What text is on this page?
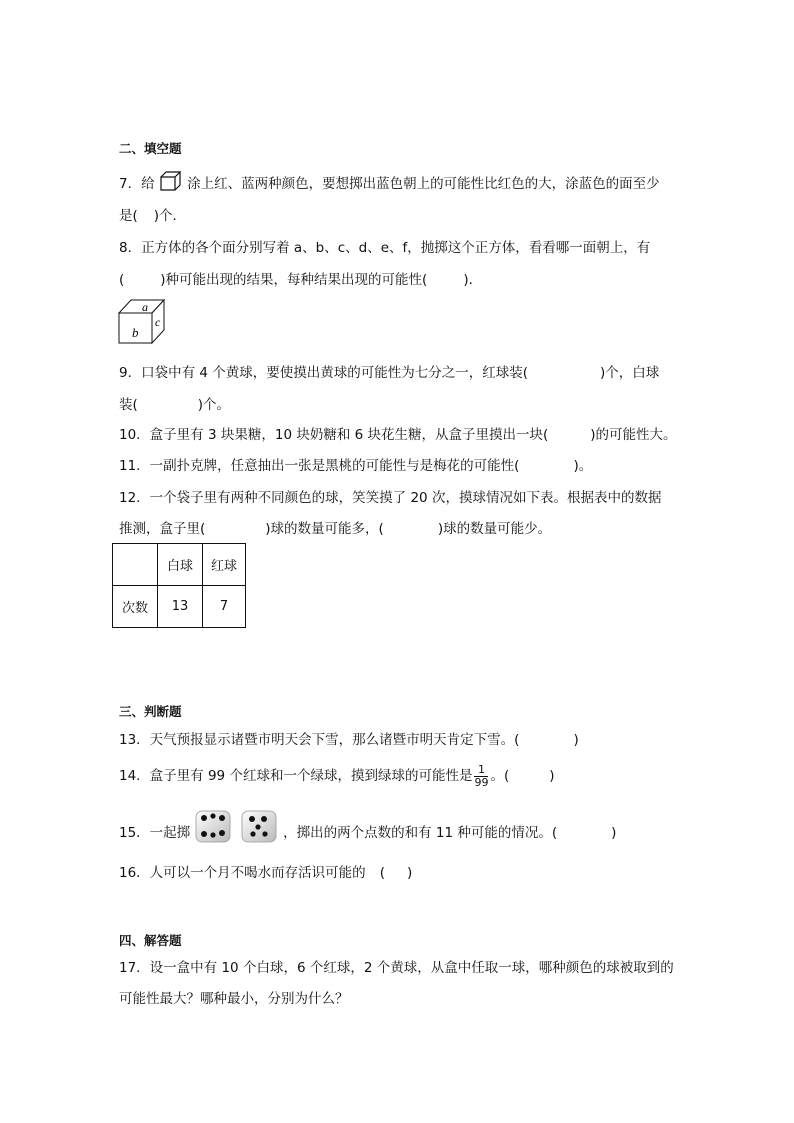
二、填空题
7．给 涂上红、蓝两种颜色，要想掷出蓝色朝上的可能性比红色的大，涂蓝色的面至少
是( )个．
8．正方体的各个面分别写着 a、b、c、d、e、f，抛掷这个正方体，看看哪一面朝上，有
(	)种可能出现的结果，每种结果出现的可能性(	)．
a
b
c
9．口袋中有 4 个黄球，要使摸出黄球的可能性为七分之一，红球装(	)个，白球
装(	)个。
10．盒子里有 3 块果糖，10 块奶糖和 6 块花生糖，从盒子里摸出一块(	)的可能性大。
11．一副扑克牌，任意抽出一张是黑桃的可能性与是梅花的可能性(	)。
12．一个袋子里有两种不同颜色的球，笑笑摸了 20 次，摸球情况如下表。根据表中的数据
推测，盒子里(	)球的数量可能多，(	)球的数量可能少。
	白球	红球
次数	13	7
三、判断题
13．天气预报显示诸暨市明天会下雪，那么诸暨市明天肯定下雪。(	)
14．盒子里有 99 个红球和一个绿球，摸到绿球的可能性是 $\frac{1}{99}$ 。(	)
15．一起掷	，掷出的两个点数的和有 11 种可能的情况。(	)
16．人可以一个月不喝水而存活识可能的 ( )
四、解答题
17．设一盒中有 10 个白球，6 个红球，2 个黄球，从盒中任取一球，哪种颜色的球被取到的
可能性最大？哪种最小，分别为什么？
